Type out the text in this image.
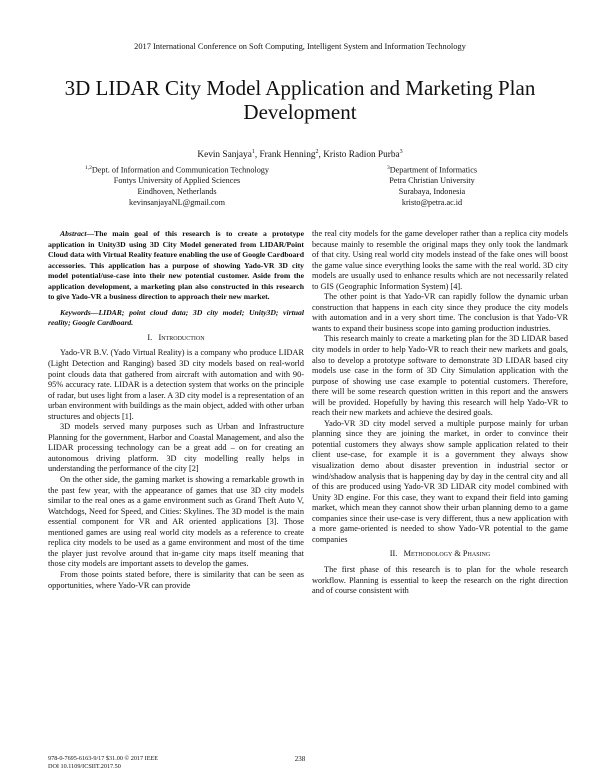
2017 International Conference on Soft Computing, Intelligent System and Information Technology
3D LIDAR City Model Application and Marketing Plan Development
Kevin Sanjaya$^1$, Frank Henning$^2$, Kristo Radion Purba$^3$
$^{1,2}$Dept. of Information and Communication Technology
Fontys University of Applied Sciences
Eindhoven, Netherlands
kevinsanjayaNL@gmail.com
$^3$Department of Informatics
Petra Christian University
Surabaya, Indonesia
kristo@petra.ac.id

Abstract—The main goal of this research is to create a prototype application in Unity3D using 3D City Model generated from LIDAR/Point Cloud data with Virtual Reality feature enabling the use of Google Cardboard accessories. This application has a purpose of showing Yado-VR 3D city model potential/use-case into their new potential customer. Aside from the application development, a marketing plan also constructed in this research to give Yado-VR a business direction to approach their new market.

Keywords—LIDAR; point cloud data; 3D city model; Unity3D; virtual reality; Google Cardboard.

I. Introduction

Yado-VR B.V. (Yado Virtual Reality) is a company who produce LIDAR (Light Detection and Ranging) based 3D city models based on real-world point clouds data that gathered from aircraft with automation and with 90-95% accuracy rate. LIDAR is a detection system that works on the principle of radar, but uses light from a laser. A 3D city model is a representation of an urban environment with buildings as the main object, added with other urban structures and objects [1].

3D models served many purposes such as Urban and Infrastructure Planning for the government, Harbor and Coastal Management, and also the LIDAR processing technology can be a great add – on for creating an autonomous driving platform. 3D city modelling really helps in understanding the performance of the city [2]

On the other side, the gaming market is showing a remarkable growth in the past few year, with the appearance of games that use 3D city models similar to the real ones as a game environment such as Grand Theft Auto V, Watchdogs, Need for Speed, and Cities: Skylines. The 3D model is the main essential component for VR and AR oriented applications [3]. Those mentioned games are using real world city models as a reference to create replica city models to be used as a game environment and most of the time the player just revolve around that in-game city maps itself meaning that those city models are important assets to develop the games.

From those points stated before, there is similarity that can be seen as opportunities, where Yado-VR can provide

the real city models for the game developer rather than a replica city models because mainly to resemble the original maps they only took the landmark of that city. Using real world city models instead of the fake ones will boost the game value since everything looks the same with the real world. 3D city models are usually used to enhance results which are not necessarily related to GIS (Geographic Information System) [4].

The other point is that Yado-VR can rapidly follow the dynamic urban construction that happens in each city since they produce the city models with automation and in a very short time. The conclusion is that Yado-VR wants to expand their business scope into gaming production industries.

This research mainly to create a marketing plan for the 3D LIDAR based city models in order to help Yado-VR to reach their new markets and goals, also to develop a prototype software to demonstrate 3D LIDAR based city models use case in the form of 3D City Simulation application with the purpose of showing use case example to potential customers. Therefore, there will be some research question written in this report and the answers will be provided. Hopefully by having this research will help Yado-VR to reach their new markets and achieve the desired goals.

Yado-VR 3D city model served a multiple purpose mainly for urban planning since they are joining the market, in order to convince their potential customers they always show sample application related to their client use-case, for example it is a government they always show visualization demo about disaster prevention in industrial sector or wind/shadow analysis that is happening day by day in the central city and all of this are produced using Yado-VR 3D LIDAR city model combined with Unity 3D engine. For this case, they want to expand their field into gaming market, which mean they cannot show their urban planning demo to a game companies since their use-case is very different, thus a new application with a more game-oriented is needed to show Yado-VR potential to the game companies

II. Methodology & Phasing

The first phase of this research is to plan for the whole research workflow. Planning is essential to keep the research on the right direction and of course consistent with

978-0-7695-6163-9/17 $31.00 © 2017 IEEE
DOI 10.1109/ICSIIT.2017.50
238
